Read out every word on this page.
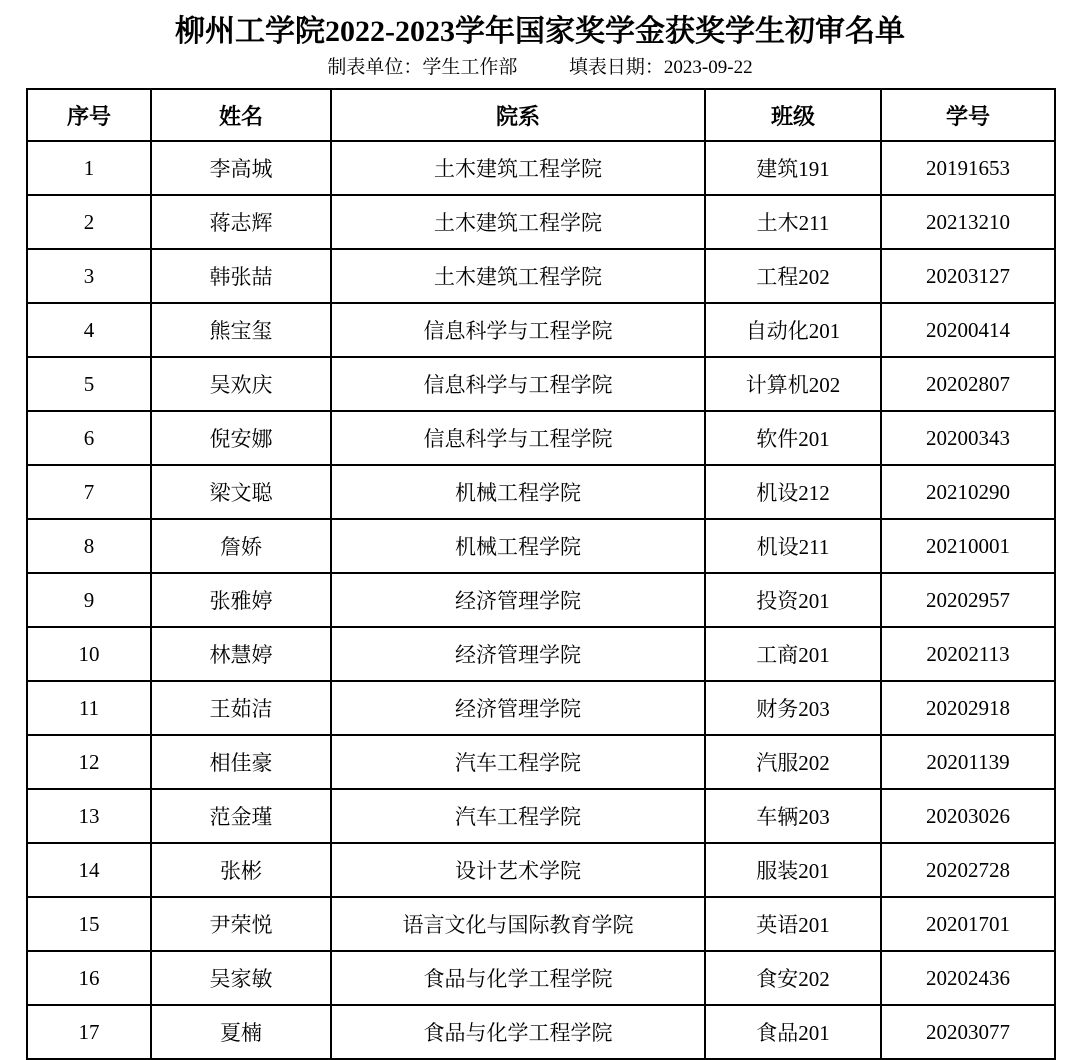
柳州工学院2022-2023学年国家奖学金获奖学生初审名单
制表单位：学生工作部	填表日期：2023-09-22
序号	姓名	院系	班级	学号
1	李高城	土木建筑工程学院	建筑191	20191653
2	蒋志辉	土木建筑工程学院	土木211	20213210
3	韩张喆	土木建筑工程学院	工程202	20203127
4	熊宝玺	信息科学与工程学院	自动化201	20200414
5	吴欢庆	信息科学与工程学院	计算机202	20202807
6	倪安娜	信息科学与工程学院	软件201	20200343
7	梁文聪	机械工程学院	机设212	20210290
8	詹娇	机械工程学院	机设211	20210001
9	张雅婷	经济管理学院	投资201	20202957
10	林慧婷	经济管理学院	工商201	20202113
11	王茹洁	经济管理学院	财务203	20202918
12	相佳豪	汽车工程学院	汽服202	20201139
13	范金瑾	汽车工程学院	车辆203	20203026
14	张彬	设计艺术学院	服装201	20202728
15	尹荣悦	语言文化与国际教育学院	英语201	20201701
16	吴家敏	食品与化学工程学院	食安202	20202436
17	夏楠	食品与化学工程学院	食品201	20203077
